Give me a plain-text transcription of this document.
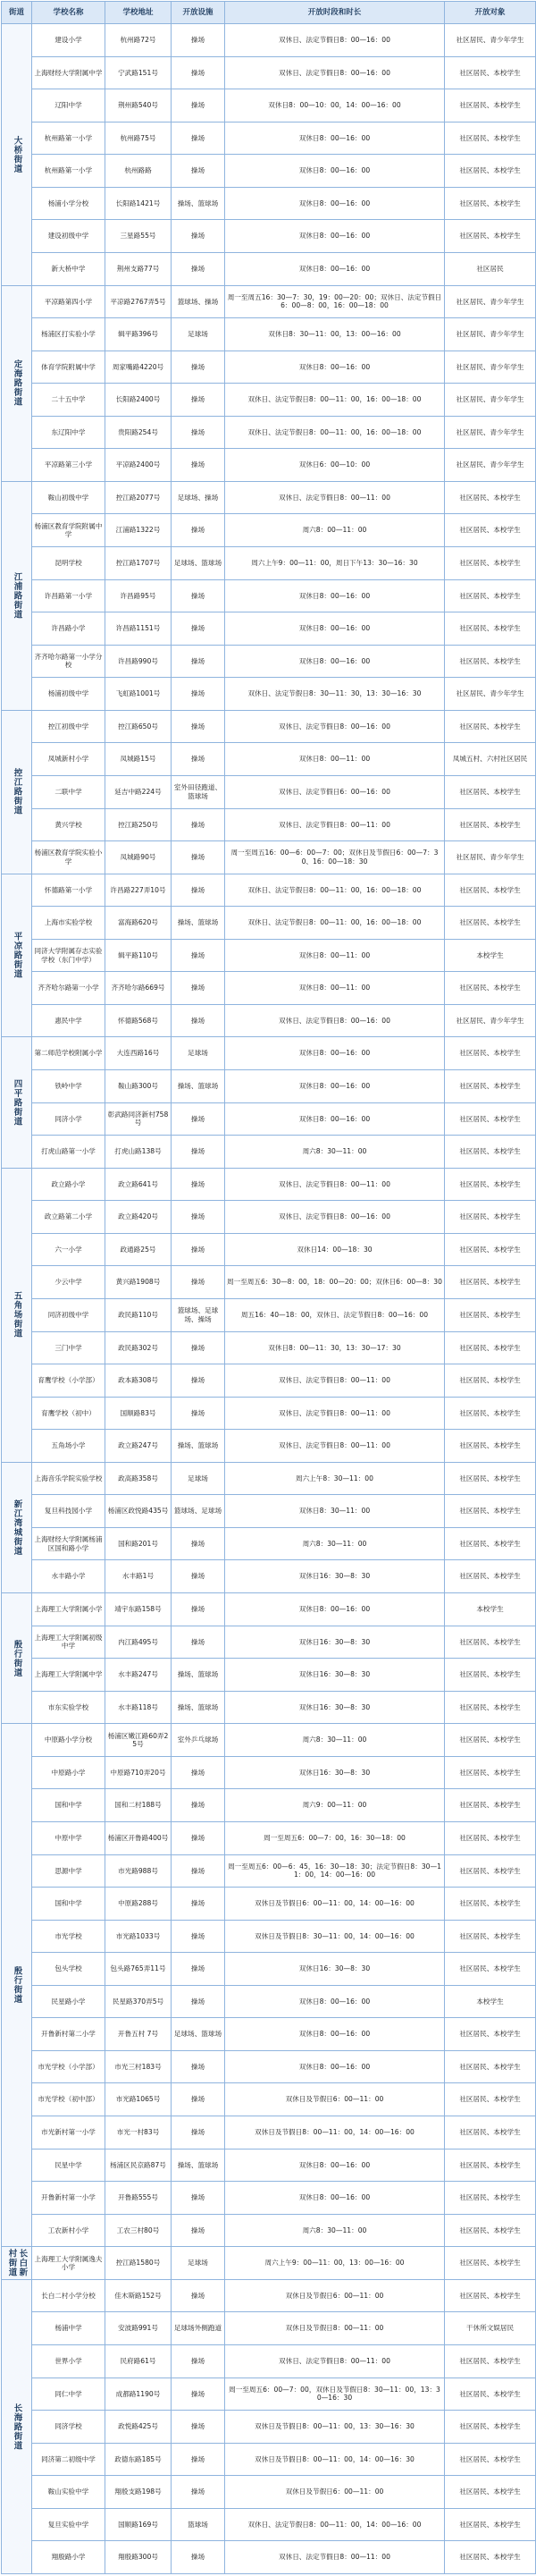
街道	学校名称	学校地址	开放设施	开放时段和时长	开放对象
大桥街道	建设小学	杭州路72号	操场	双休日、法定节假日8：00—16：00	社区居民、青少年学生
	上海财经大学附属中学	宁武路151号	操场	双休日、法定节假日8：00—16：00	社区居民、本校学生
	辽阳中学	荆州路540号	操场	双休日8：00—10：00，14：00—16：00	社区居民、本校学生
	杭州路第一小学	杭州路75号	操场	双休日8：00—16：00	社区居民、本校学生
	杭州路第一小学	杭州路路	操场	双休日8：00—16：00	社区居民、本校学生
	杨浦小学分校	长阳路1421号	操场、篮球场	双休日8：00—16：00	社区居民、本校学生
	建设初级中学	三星路55号	操场	双休日8：00—16：00	社区居民、本校学生
	新大桥中学	荆州支路77号	操场	双休日8：00—16：00	社区居民
定海路街道	平凉路第四小学	平凉路2767弄5号	篮球场、操场	周一至周五16：30—7：30，19：00—20：00；双休日、法定节假日6：00—8：00，16：00—18：00	社区居民、青少年学生
	杨浦区打实验小学	辑平路396号	足球场	双休日8：30—11：00，13：00—16：00	社区居民、青少年学生
	体育学院附属中学	周家嘴路4220号	操场	双休日8：00—16：00	社区居民、青少年学生
	二十五中学	长阳路2400号	操场	双休日、法定节假日8：00—11：00，16：00—18：00	社区居民、青少年学生
	东辽阳中学	贵阳路254号	操场	双休日、法定节假日8：00—11：00，16：00—18：00	社区居民、青少年学生
	平凉路第三小学	平凉路2400号	操场	双休日6：00—10：00	社区居民、青少年学生
江浦路街道	鞍山初级中学	控江路2077号	足球场、操场	双休日、法定节假日8：00—11：00	社区居民、本校学生
	杨浦区教育学院附属中学	江浦路1322号	操场	周六8：00—11：00	社区居民、本校学生
	昆明学校	控江路1707号	足球场、篮球场	周六上午9：00—11：00，周日下午13：30—16：30	社区居民、本校学生
	许昌路第一小学	许昌路95号	操场	双休日8：00—16：00	社区居民、本校学生
	许昌路小学	许昌路1151号	操场	双休日8：00—16：00	社区居民、本校学生
	齐齐哈尔路第一小学分校	许昌路990号	操场	双休日8：00—16：00	社区居民、本校学生
	杨浦初级中学	飞虹路1001号	操场	双休日、法定节假日8：30—11：30，13：30—16：30	社区居民、青少年学生
控江路街道	控江初级中学	控江路650号	操场	双休日、法定节假日8：00—16：00	社区居民、本校学生
	凤城新村小学	凤城路15号	操场	双休日8：00—11：00	凤城五村、六村社区居民
	二联中学	延吉中路224号	室外田径跑道、篮球场	双休日、法定节假日6：00—16：00	社区居民、本校学生
	黄兴学校	控江路250号	操场	双休日、法定节假日8：00—11：00	社区居民、本校学生
	杨浦区教育学院实验小学	凤城路90号	操场	周一至周五16：00—6：00—7：00；双休日及节假日6：00—7：30、16：00—18：30	社区居民、青少年学生
平凉路街道	怀德路第一小学	许昌路227弄10号	操场	双休日、法定节假日8：00—11：00，16：00—18：00	社区居民、本校学生
	上海市实验学校	富海路620号	操场、篮球场	双休日、法定节假日8：00—11：00，16：00—18：00	社区居民、本校学生
	同济大学附属存志实验学校（东门中学）	辑平路110号	操场	双休日8：00—11：00	本校学生
	齐齐哈尔路第一小学	齐齐哈尔路669号	操场	双休日8：00—11：00	社区居民、本校学生
	惠民中学	怀德路568号	操场	双休日、法定节假日8：00—16：00	社区居民、青少年学生
四平路街道	第二师范学校附属小学	大连西路16号	足球场	双休日8：00—16：00	社区居民、本校学生
	铁岭中学	鞍山路300号	操场、篮球场	双休日8：00—16：00	社区居民、本校学生
	同济小学	彰武路同济新村758号	操场	双休日8：00—16：00	社区居民、本校学生
	打虎山路第一小学	打虎山路138号	操场	周六8：30—11：00	社区居民、本校学生
五角场街道	政立路小学	政立路641号	操场	双休日、法定节假日8：00—11：00	社区居民、本校学生
	政立路第二小学	政立路420号	操场	双休日、法定节假日8：00—16：00	社区居民、本校学生
	六一小学	政通路25号	操场	双休日14：00—18：30	社区居民、本校学生
	少云中学	黄兴路1908号	操场	周一至周五6：30—8：00，18：00—20：00；双休日6：00—8：30	社区居民、本校学生
	同济初级中学	政民路110号	篮球场、足球场、操场	周五16：40—18：00，双休日、法定节假日8：00—16：00	社区居民、本校学生
	三门中学	政民路302号	操场	双休日8：00—11：30，13：30—17：30	社区居民、本校学生
	育鹰学校（小学部）	政本路308号	操场	双休日、法定节假日8：00—11：00	社区居民、本校学生
	育鹰学校（初中）	国顺路83号	操场	双休日、法定节假日8：00—11：00	社区居民、本校学生
	五角场小学	政立路247号	操场、篮球场	双休日、法定节假日8：00—11：00	社区居民、本校学生
新江湾城街道	上海音乐学院实验学校	政高路358号	足球场	周六上午8：30—11：00	社区居民、本校学生
	复旦科技园小学	杨浦区政悦路435号	篮球场、足球场	双休日8：30—11：00	社区居民、本校学生
	上海财经大学附属杨浦区国和路小学	国和路201号	操场	周六8：30—11：00	社区居民、本校学生
	水丰路小学	水丰路1号	操场	双休日16：30—8：30	社区居民、本校学生
殷行街道	上海理工大学附属小学	靖宇东路158号	操场	双休日8：00—16：00	本校学生
	上海理工大学附属初级中学	内江路495号	操场	双休日16：30—8：30	社区居民、本校学生
	上海理工大学附属中学	水丰路247号	操场、篮球场	双休日16：30—8：30	社区居民、本校学生
	市东实验学校	水丰路118号	操场、篮球场	双休日16：30—8：30	社区居民、本校学生
殷行街道	中原路小学分校	杨浦区嫩江路60弄25号	室外乒乓球场	周六8：30—11：00	社区居民、本校学生
	中原路小学	中原路710弄20号	操场	双休日16：30—8：30	社区居民、本校学生
	国和中学	国和二村188号	操场	周六9：00—11：00	社区居民、本校学生
	中原中学	杨浦区开鲁路400号	操场	周一至周五6：00—7：00，16：30—18：00	社区居民、本校学生
	思源中学	市光路988号	操场	周一至周五6：00—6：45，16：30—18：30；法定节假日8：30—11：00，14：00—16：00	社区居民、本校学生
	国和中学	中原路288号	操场	双休日及节假日6：00—11：00，14：00—16：00	社区居民、本校学生
	市光学校	市光路1033号	操场	双休日及节假日8：30—11：00，14：00—16：00	社区居民、本校学生
	包头学校	包头路765弄11号	操场	双休日16：30—8：30	社区居民、本校学生
	民星路小学	民星路370弄5号	操场	双休日8：00—16：00	本校学生
	开鲁新村第二小学	开鲁五村 7号	足球场、篮球场	双休日8：00—16：00	社区居民、本校学生
	市光学校（小学部）	市光三村183号	操场	双休日8：00—16：00	社区居民、本校学生
	市光学校（初中部）	市光路1065号	操场	双休日及节假日6：00—11：00	社区居民、本校学生
	市光新村第一小学	市光一村83号	操场	双休日及节假日8：00—11：00，14：00—16：00	社区居民、本校学生
	民星中学	杨浦区民京路87号	操场、篮球场	双休日8：00—16：00	社区居民、本校学生
	开鲁新村第一小学	开鲁路555号	操场	双休日8：00—16：00	社区居民、本校学生
	工农新村小学	工农三村80号	操场	周六8：30—11：00	社区居民、本校学生
长白新村街道	上海理工大学附属逸夫小学	控江路1580号	足球场	周六上午9：00—11：00，13：00—16：00	社区居民、本校学生
长海路街道	长白二村小学分校	佳木斯路152号	操场	双休日及节假日6：00—11：00	社区居民、本校学生
	杨浦中学	安波路991号	足球场外侧跑道	双休日及节假日8：00—11：00	干休所文娱居民
	世界小学	民府路61号	操场	双休日、法定节假日8：00—11：00	社区居民、本校学生
	同仁中学	成都路1190号	操场	周一至周五6：00—7：00，双休日及节假日8：30—11：00，13：30—16：30	社区居民、本校学生
	同济学校	政悦路425号	操场	双休日及节假日8：00—11：00，13：30—16：30	社区居民、本校学生
	同济第二初级中学	政德东路185号	操场	双休日及节假日8：00—11：00，14：00—16：30	社区居民、本校学生
	鞍山实验中学	翔殷支路198号	操场	双休日及节假日6：00—11：00	社区居民、本校学生
	复旦实验中学	国顺路169号	篮球场	双休日、法定节假日8：00—11：00，14：00—16：00	社区居民、本校学生
	翔殷路小学	翔殷路300号	操场	双休日、法定节假日8：00—11：00	社区居民、本校学生
